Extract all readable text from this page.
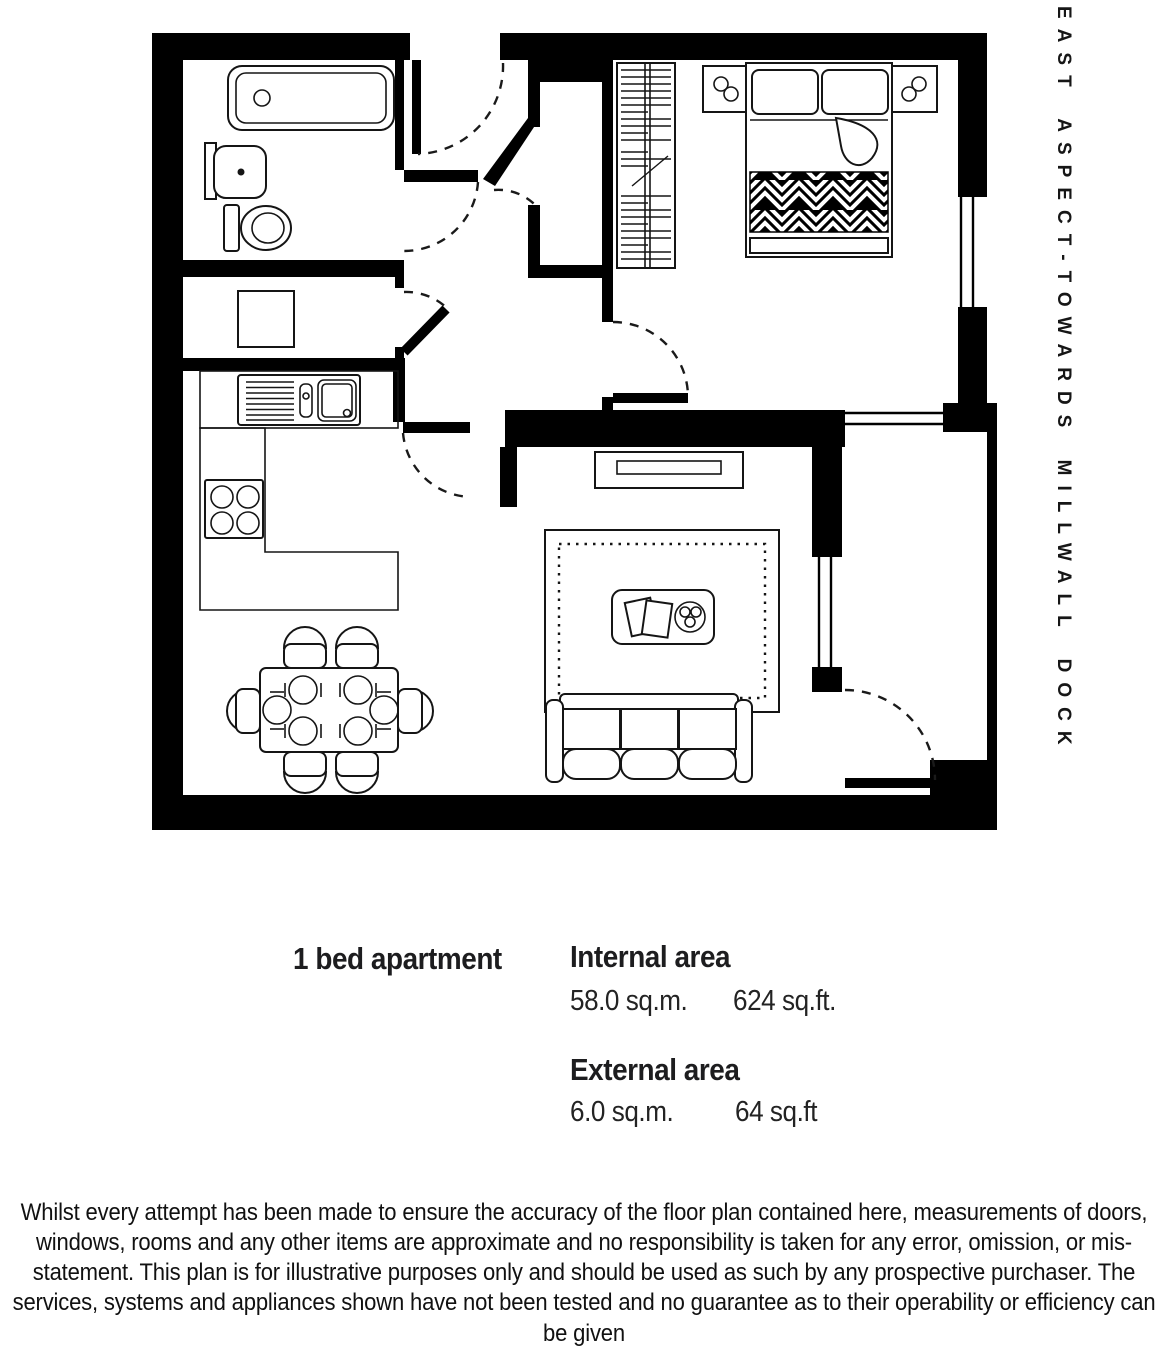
EAST ASPECT-TOWARDS MILLWALL DOCK
1 bed apartment	Internal area
58.0 sq.m.	624 sq.ft.
External area
6.0 sq.m.	64 sq.ft
Whilst every attempt has been made to ensure the accuracy of the floor plan contained here, measurements of doors, windows, rooms and any other items are approximate and no responsibility is taken for any error, omission, or mis-statement. This plan is for illustrative purposes only and should be used as such by any prospective purchaser. The services, systems and appliances shown have not been tested and no guarantee as to their operability or efficiency can be given
